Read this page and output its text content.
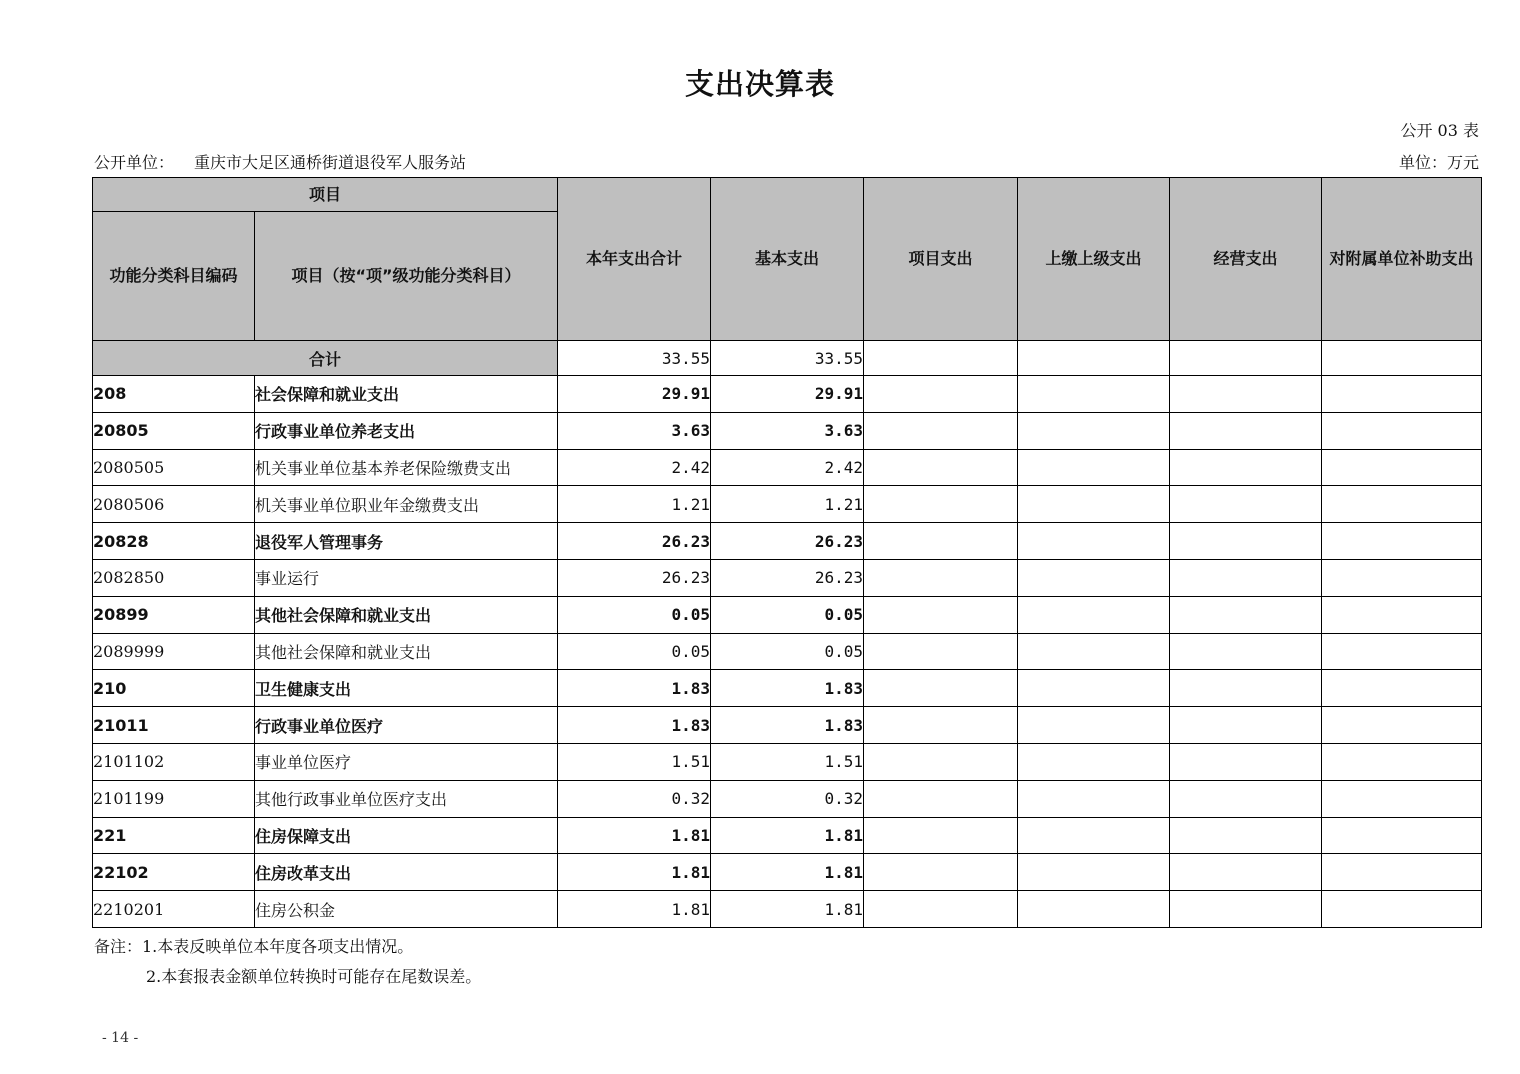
支出决算表
公开 03 表
公开单位： 重庆市大足区通桥街道退役军人服务站	单位：万元
项目		本年支出合计	基本支出	项目支出	上缴上级支出	经营支出	对附属单位补助支出
功能分类科目编码	项目（按“项”级功能分类科目）						
合计		33.55	33.55				
208	社会保障和就业支出	29.91	29.91				
20805	行政事业单位养老支出	3.63	3.63				
2080505	机关事业单位基本养老保险缴费支出	2.42	2.42				
2080506	机关事业单位职业年金缴费支出	1.21	1.21				
20828	退役军人管理事务	26.23	26.23				
2082850	事业运行	26.23	26.23				
20899	其他社会保障和就业支出	0.05	0.05				
2089999	其他社会保障和就业支出	0.05	0.05				
210	卫生健康支出	1.83	1.83				
21011	行政事业单位医疗	1.83	1.83				
2101102	事业单位医疗	1.51	1.51				
2101199	其他行政事业单位医疗支出	0.32	0.32				
221	住房保障支出	1.81	1.81				
22102	住房改革支出	1.81	1.81				
2210201	住房公积金	1.81	1.81				
备注：1.本表反映单位本年度各项支出情况。
2.本套报表金额单位转换时可能存在尾数误差。
- 14 -
